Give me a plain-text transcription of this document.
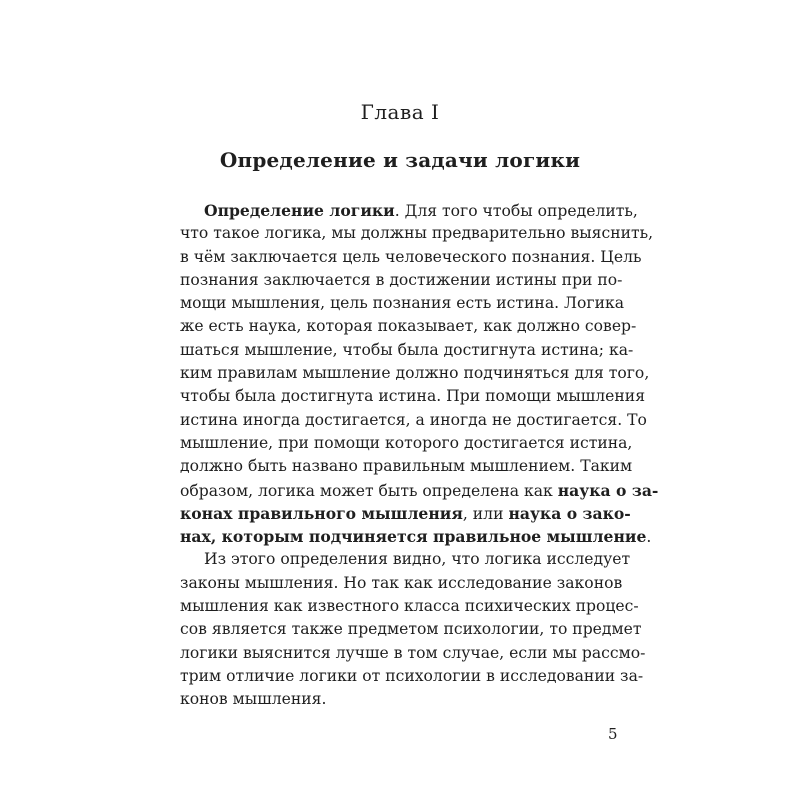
Глава I
Определение и задачи логики
Определение логики. Для того чтобы определить,
что такое логика, мы должны предварительно выяснить,
в чём заключается цель человеческого познания. Цель
познания заключается в достижении истины при по-
мощи мышления, цель познания есть истина. Логика
же есть наука, которая показывает, как должно совер-
шаться мышление, чтобы была достигнута истина; ка-
ким правилам мышление должно подчиняться для того,
чтобы была достигнута истина. При помощи мышления
истина иногда достигается, а иногда не достигается. То
мышление, при помощи которого достигается истина,
должно быть названо правильным мышлением. Таким
образом, логика может быть определена как наука о за-
конах правильного мышления, или наука о зако-
нах, которым подчиняется правильное мышление.
Из этого определения видно, что логика исследует
законы мышления. Но так как исследование законов
мышления как известного класса психических процес-
сов является также предметом психологии, то предмет
логики выяснится лучше в том случае, если мы рассмо-
трим отличие логики от психологии в исследовании за-
конов мышления.
5
